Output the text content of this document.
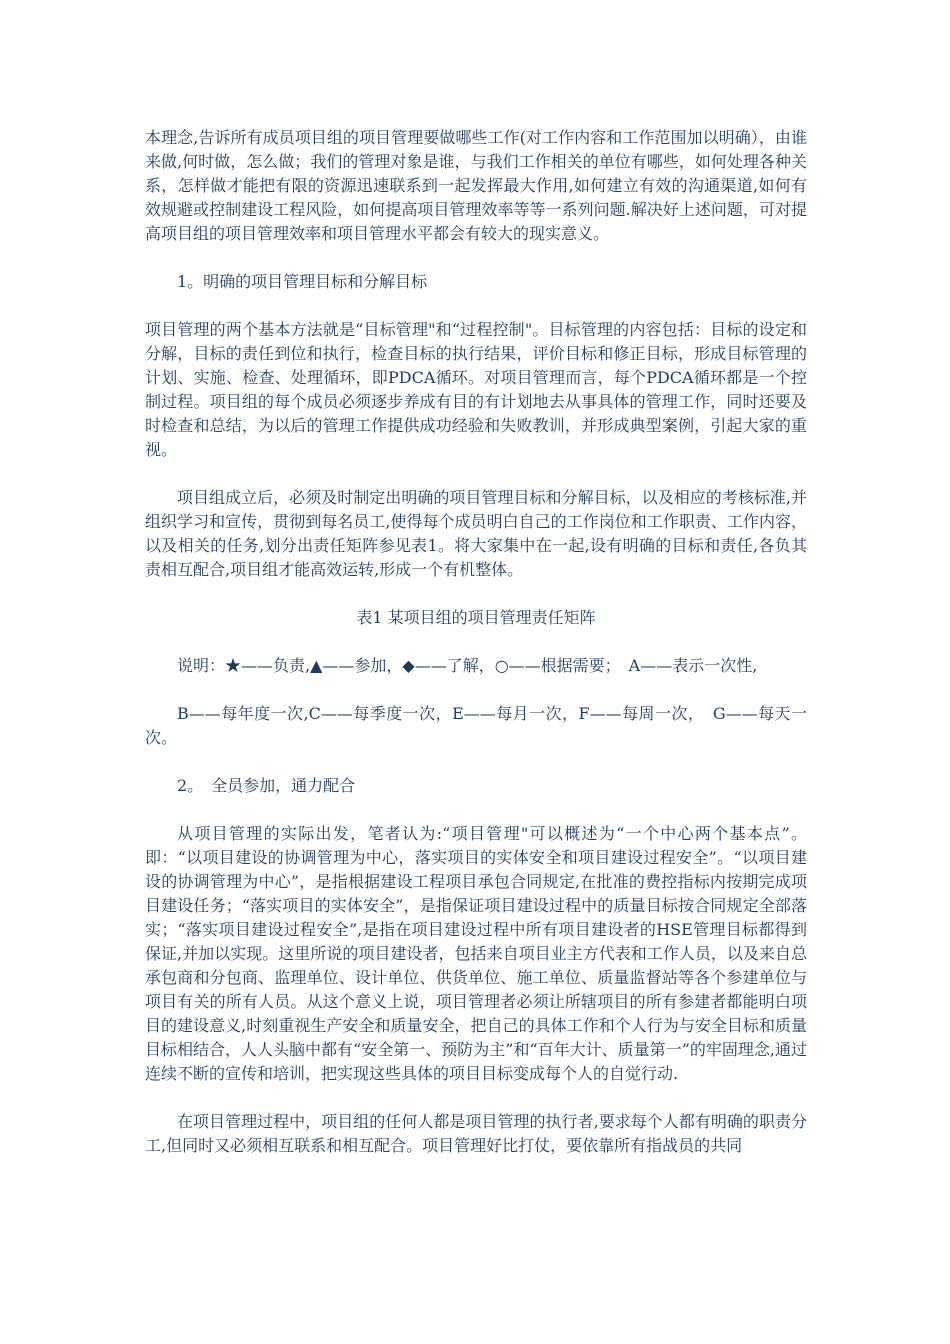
本理念,告诉所有成员项目组的项目管理要做哪些工作(对工作内容和工作范围加以明确），由谁来做,何时做，怎么做；我们的管理对象是谁，与我们工作相关的单位有哪些，如何处理各种关系，怎样做才能把有限的资源迅速联系到一起发挥最大作用,如何建立有效的沟通渠道,如何有效规避或控制建设工程风险，如何提高项目管理效率等等一系列问题.解决好上述问题，可对提高项目组的项目管理效率和项目管理水平都会有较大的现实意义。

1。明确的项目管理目标和分解目标

项目管理的两个基本方法就是“目标管理"和“过程控制"。目标管理的内容包括：目标的设定和分解，目标的责任到位和执行，检查目标的执行结果，评价目标和修正目标，形成目标管理的计划、实施、检查、处理循环，即PDCA循环。对项目管理而言，每个PDCA循环都是一个控制过程。项目组的每个成员必须逐步养成有目的有计划地去从事具体的管理工作，同时还要及时检查和总结，为以后的管理工作提供成功经验和失败教训，并形成典型案例，引起大家的重视。

项目组成立后，必须及时制定出明确的项目管理目标和分解目标，以及相应的考核标准,并组织学习和宣传，贯彻到每名员工,使得每个成员明白自己的工作岗位和工作职责、工作内容，以及相关的任务,划分出责任矩阵参见表1。将大家集中在一起,设有明确的目标和责任,各负其责相互配合,项目组才能高效运转,形成一个有机整体。

表1 某项目组的项目管理责任矩阵

说明：★——负责,▲——参加，◆——了解，○——根据需要；　A——表示一次性,

B——每年度一次,C——每季度一次，E——每月一次，F——每周一次，　G——每天一次。

2。　全员参加，通力配合

从项目管理的实际出发，笔者认为:“项目管理"可以概述为“一个中心两个基本点”。即：“以项目建设的协调管理为中心，落实项目的实体安全和项目建设过程安全”。“以项目建设的协调管理为中心”，是指根据建设工程项目承包合同规定,在批准的费控指标内按期完成项目建设任务；“落实项目的实体安全”，是指保证项目建设过程中的质量目标按合同规定全部落实；“落实项目建设过程安全”,是指在项目建设过程中所有项目建设者的HSE管理目标都得到保证,并加以实现。这里所说的项目建设者，包括来自项目业主方代表和工作人员，以及来自总承包商和分包商、监理单位、设计单位、供货单位、施工单位、质量监督站等各个参建单位与项目有关的所有人员。从这个意义上说，项目管理者必须让所辖项目的所有参建者都能明白项目的建设意义,时刻重视生产安全和质量安全，把自己的具体工作和个人行为与安全目标和质量目标相结合，人人头脑中都有“安全第一、预防为主”和“百年大计、质量第一”的牢固理念,通过连续不断的宣传和培训，把实现这些具体的项目目标变成每个人的自觉行动.

在项目管理过程中，项目组的任何人都是项目管理的执行者,要求每个人都有明确的职责分工,但同时又必须相互联系和相互配合。项目管理好比打仗，要依靠所有指战员的共同
